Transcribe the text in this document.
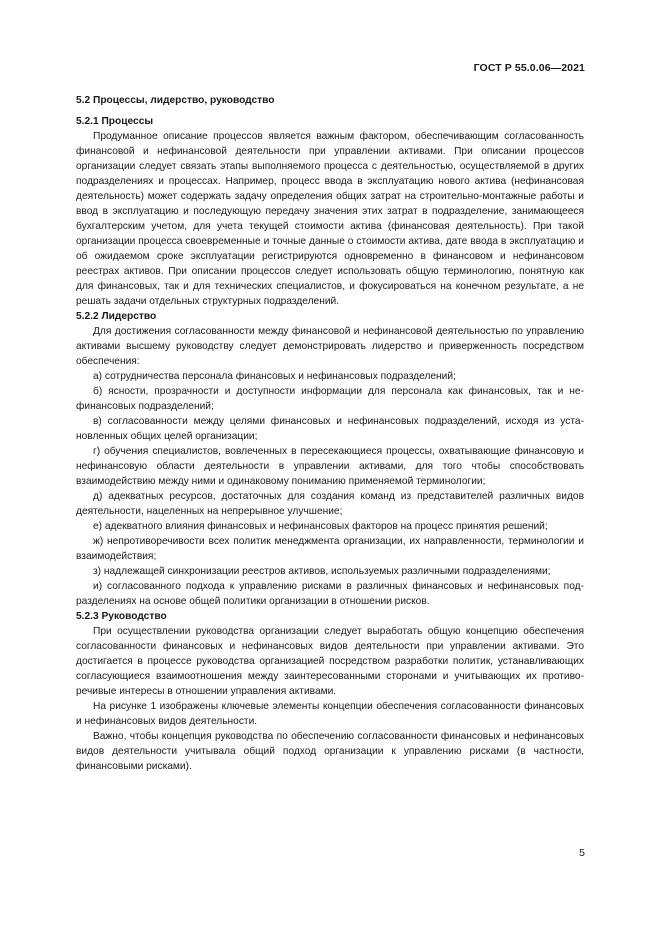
ГОСТ Р 55.0.06—2021
5.2 Процессы, лидерство, руководство
5.2.1 Процессы

Продуманное описание процессов является важным фактором, обеспечивающим согласованность финансовой и нефинансовой деятельности при управлении активами. При описании процессов организации следует связать этапы выполняемого процесса с деятельностью, осуществляемой в других подразделениях и процессах. Например, процесс ввода в эксплуатацию нового актива (нефинансовая деятельность) может содержать задачу определения общих затрат на строительно-монтажные работы и ввод в эксплуатацию и последующую передачу значения этих затрат в подразделение, занимающееся бухгалтерским учетом, для учета текущей стоимости актива (финансовая деятельность). При такой организации процесса своевременные и точные данные о стоимости актива, дате ввода в эксплуатацию и об ожидаемом сроке эксплуатации регистрируются одновременно в финансовом и нефинансовом реестрах активов. При описании процессов следует использовать общую терминологию, понятную как для финансовых, так и для технических специалистов, и фокусироваться на конечном результате, а не решать задачи отдельных структурных подразделений.

5.2.2 Лидерство

Для достижения согласованности между финансовой и нефинансовой деятельностью по управлению активами высшему руководству следует демонстрировать лидерство и приверженность посредством обеспечения:

а) сотрудничества персонала финансовых и нефинансовых подразделений;

б) ясности, прозрачности и доступности информации для персонала как финансовых, так и нефинансовых подразделений;

в) согласованности между целями финансовых и нефинансовых подразделений, исходя из установленных общих целей организации;

г) обучения специалистов, вовлеченных в пересекающиеся процессы, охватывающие финансовую и нефинансовую области деятельности в управлении активами, для того чтобы способствовать взаимодействию между ними и одинаковому пониманию применяемой терминологии;

д) адекватных ресурсов, достаточных для создания команд из представителей различных видов деятельности, нацеленных на непрерывное улучшение;

е) адекватного влияния финансовых и нефинансовых факторов на процесс принятия решений;

ж) непротиворечивости всех политик менеджмента организации, их направленности, терминологии и взаимодействия;

з) надлежащей синхронизации реестров активов, используемых различными подразделениями;

и) согласованного подхода к управлению рисками в различных финансовых и нефинансовых подразделениях на основе общей политики организации в отношении рисков.

5.2.3 Руководство

При осуществлении руководства организации следует выработать общую концепцию обеспечения согласованности финансовых и нефинансовых видов деятельности при управлении активами. Это достигается в процессе руководства организацией посредством разработки политик, устанавливающих согласующиеся взаимоотношения между заинтересованными сторонами и учитывающих их противоречивые интересы в отношении управления активами.

На рисунке 1 изображены ключевые элементы концепции обеспечения согласованности финансовых и нефинансовых видов деятельности.

Важно, чтобы концепция руководства по обеспечению согласованности финансовых и нефинансовых видов деятельности учитывала общий подход организации к управлению рисками (в частности, финансовыми рисками).

5
